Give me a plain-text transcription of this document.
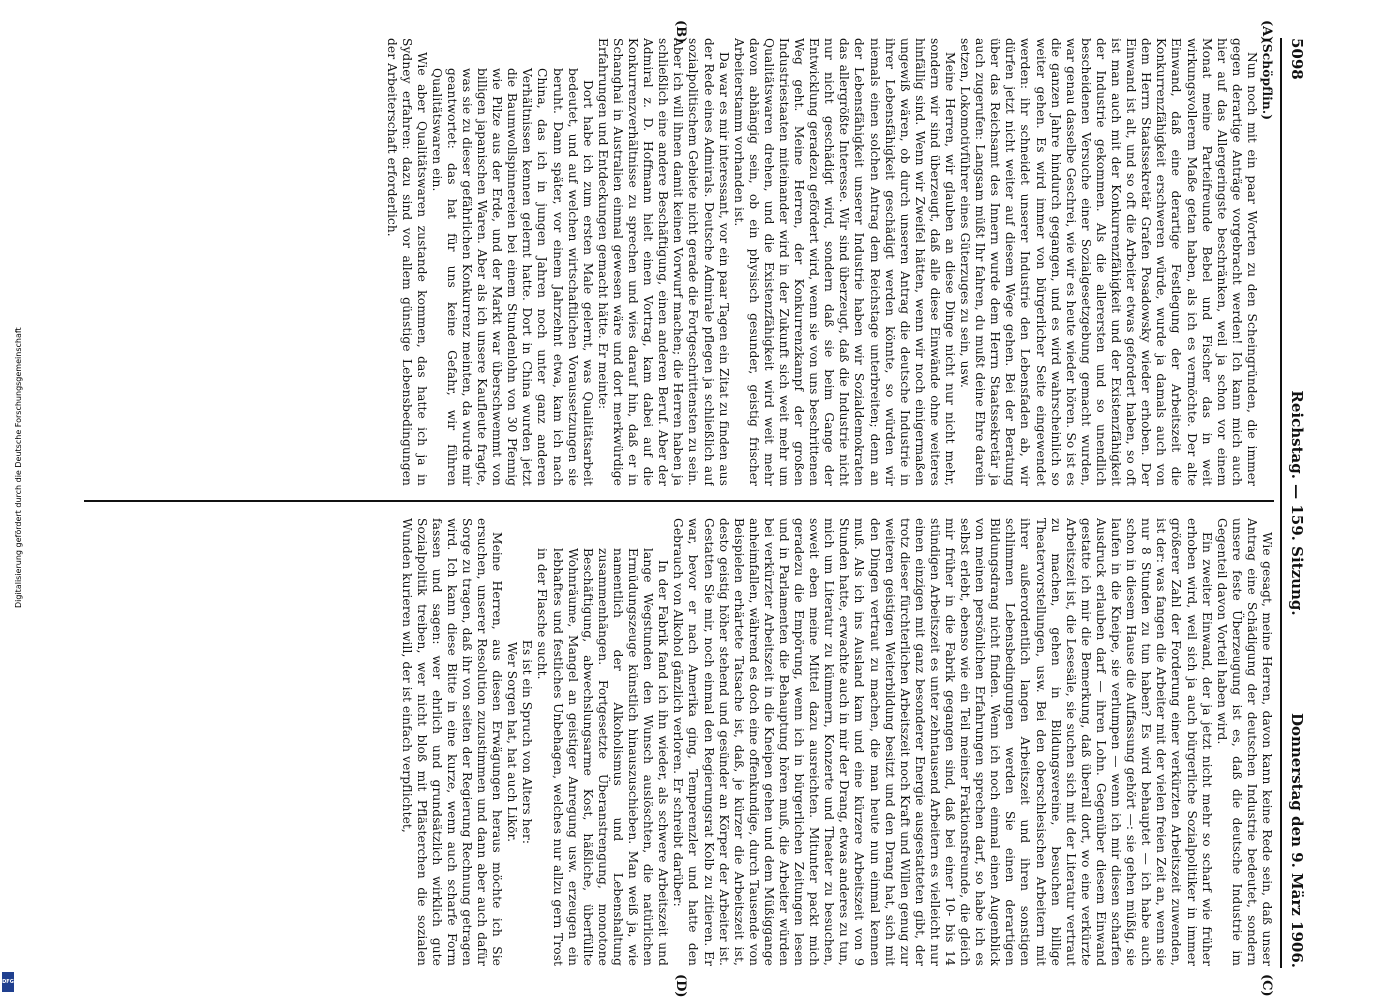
5098
Reichstag. — 159. Sitzung.
Donnerstag den 9. März 1906.
(A)
(B)
(C)
(D)

(Schöpflin.)

Nun noch mit ein paar Worten zu den Scheingründen, die immer gegen derartige Anträge vorgebracht werden! Ich kann mich auch hier auf das Allergeringste beschränken, weil ja schon vor einem Monat meine Parteifreunde Bebel und Fischer das in weit wirkungsvollerem Maße getan haben, als ich es vermöchte. Der alte Einwand, daß eine derartige Festlegung der Arbeitszeit die Konkurrenzfähigkeit erschweren würde, wurde ja damals auch von dem Herrn Staatssekretär Grafen Posadowsky wieder erhoben. Der Einwand ist alt, und so oft die Arbeiter etwas gefordert haben, so oft ist man auch mit der Konkurrenzfähigkeit und der Existenzfähigkeit der Industrie gekommen. Als die allerersten und so unendlich bescheidenen Versuche einer Sozialgesetzgebung gemacht wurden, war genau dasselbe Geschrei, wie wir es heute wieder hören. So ist es die ganzen Jahre hindurch gegangen, und es wird wahrscheinlich so weiter gehen. Es wird immer von bürgerlicher Seite eingewendet werden: ihr schneidet unserer Industrie den Lebensfaden ab, wir dürfen jetzt nicht weiter auf diesem Wege gehen. Bei der Beratung über das Reichsamt des Innern wurde dem Herrn Staatssekretär ja auch zugerufen: Langsam müßt Ihr fahren, du mußt deine Ehre darein setzen, Lokomotivführer eines Güterzuges zu sein, usw.

Meine Herren, wir glauben an diese Dinge nicht nur nicht mehr, sondern wir sind überzeugt, daß alle diese Einwände ohne weiteres hinfällig sind. Wenn wir Zweifel hätten, wenn wir noch einigermaßen ungewiß wären, ob durch unseren Antrag die deutsche Industrie in ihrer Lebensfähigkeit geschädigt werden könnte, so würden wir niemals einen solchen Antrag dem Reichstage unterbreiten; denn an der Lebensfähigkeit unserer Industrie haben wir Sozialdemokraten das allergrößte Interesse. Wir sind überzeugt, daß die Industrie nicht nur nicht geschädigt wird, sondern daß sie beim Gange der Entwicklung geradezu gefördert wird, wenn sie von uns beschrittenen Weg geht. Meine Herren, der Konkurrenzkampf der großen Industriestaaten miteinander wird in der Zukunft sich weit mehr um Qualitätswaren drehen, und die Existenzfähigkeit wird weit mehr davon abhängig sein, ob ein physisch gesunder, geistig frischer Arbeiterstamm vorhanden ist.

Da war es mir interessant, vor ein paar Tagen ein Zitat zu finden aus der Rede eines Admirals. Deutsche Admirale pflegen ja schließlich auf sozialpolitischem Gebiete nicht gerade die Fortgeschrittensten zu sein. Aber ich will ihnen damit keinen Vorwurf machen; die Herren haben ja schließlich eine andere Beschäftigung, einen anderen Beruf. Aber der Admiral z. D. Hoffmann hielt einen Vortrag, kam dabei auf die Konkurrenzverhältnisse zu sprechen und wies darauf hin, daß er in Schanghai in Australien einmal gewesen wäre und dort merkwürdige Erfahrungen und Entdeckungen gemacht hätte. Er meinte:

Dort habe ich zum ersten Male gelernt, was Qualitätsarbeit bedeutet, und auf welchen wirtschaftlichen Voraussetzungen sie beruht. Dann später, vor einem Jahrzehnt etwa, kam ich nach China, das ich in jungen Jahren noch unter ganz anderen Verhältnissen kennen gelernt hatte. Dort in China wurden jetzt die Baumwollspinnereien bei einem Stundenlohn von 30 Pfennig wie Pilze aus der Erde, und der Markt war überschwemmt von billigen japanischen Waren. Aber als ich unsere Kaufleute fragte, was sie zu dieser gefährlichen Konkurrenz meinten, da wurde mir geantwortet: das hat für uns keine Gefahr, wir führen Qualitätswaren ein.

Wie aber Qualitätswaren zustande kommen, das hatte ich ja in Sydney erfahren: dazu sind vor allem günstige Lebensbedingungen der Arbeiterschaft erforderlich.

Wie gesagt, meine Herren, davon kann keine Rede sein, daß unser Antrag eine Schädigung der deutschen Industrie bedeutet, sondern unsere feste Überzeugung ist es, daß die deutsche Industrie im Gegenteil davon Vorteil haben wird.

Ein zweiter Einwand, der ja jetzt nicht mehr so scharf wie früher erhoben wird, weil sich ja auch bürgerliche Sozialpolitiker in immer größerer Zahl der Forderung einer verkürzten Arbeitszeit zuwenden, ist der: was fangen die Arbeiter mit der vielen freien Zeit an, wenn sie nur 8 Stunden zu tun haben? Es wird behauptet — ich habe auch schon in diesem Hause die Auffassung gehört —: sie gehen müßig, sie laufen in die Kneipe, sie verlumpen — wenn ich mir diesen scharfen Ausdruck erlauben darf — ihren Lohn. Gegenüber diesem Einwand gestatte ich mir die Bemerkung, daß überall dort, wo eine verkürzte Arbeitszeit ist, die Lesesäle, sie suchen sich mit der Literatur vertraut zu machen, gehen in Bildungsvereine, besuchen billige Theatervorstellungen, usw. Bei den oberschlesischen Arbeitern mit ihrer außerordentlich langen Arbeitszeit und ihren sonstigen schlimmen Lebensbedingungen werden Sie einen derartigen Bildungsdrang nicht finden. Wenn ich noch einmal einen Augenblick von meinen persönlichen Erfahrungen sprechen darf, so habe ich es selbst erlebt, ebenso wie ein Teil meiner Fraktionsfreunde, die gleich mir früher in die Fabrik gegangen sind, daß bei einer 10- bis 14 stündigen Arbeitszeit es unter zehntausend Arbeitern es vielleicht nur einen einzigen mit ganz besonderer Energie ausgestatteten gibt, der trotz dieser fürchterlichen Arbeitszeit noch Kraft und Willen genug zur weiteren geistigen Weiterbildung besitzt und den Drang hat, sich mit den Dingen vertraut zu machen, die man heute nun einmal kennen muß. Als ich ins Ausland kam und eine kürzere Arbeitszeit von 9 Stunden hatte, erwachte auch in mir der Drang, etwas anderes zu tun, mich um Literatur zu kümmern, Konzerte und Theater zu besuchen, soweit eben meine Mittel dazu ausreichten. Mitunter packt mich geradezu die Empörung, wenn ich in bürgerlichen Zeitungen lesen und in Parlamenten die Behauptung hören muß, die Arbeiter würden bei verkürzter Arbeitszeit in die Kneipen gehen und dem Müßiggange anheimfallen, während es doch eine offenkundige, durch Tausende von Beispielen erhärtete Tatsache ist, daß, je kürzer die Arbeitszeit ist, desto geistig höher stehend und gesünder an Körper der Arbeiter ist. Gestatten Sie mir, noch einmal den Regierungsrat Kolb zu zitieren. Er war, bevor er nach Amerika ging, Temperenzler und hatte den Gebrauch von Alkohol gänzlich verloren. Er schreibt darüber:

In der Fabrik fand ich ihn wieder, als schwere Arbeitszeit und lange Wegstunden den Wunsch auslöschten, die natürlichen Ermüdungszeuge künstlich hinauszuschieben. Man weiß ja, wie namentlich der Alkoholismus und Lebenshaltung zusammenhängen. Fortgesetzte Überanstrengung, monotone Beschäftigung, abwechslungsarme Kost, häßliche, überfüllte Wohnräume, Mangel an geistiger Anregung usw. erzeugen ein lebhaftes und festliches Unbehagen, welches nur allzu gern Trost in der Flasche sucht.

Es ist ein Spruch von Alters her:

Wer Sorgen hat, hat auch Likör.

Meine Herren, aus diesen Erwägungen heraus möchte ich Sie ersuchen, unserer Resolution zuzustimmen und dann aber auch dafür Sorge zu tragen, daß ihr von seiten der Regierung Rechnung getragen wird. Ich kann diese Bitte in eine kurze, wenn auch scharfe Form fassen und sagen: wer ehrlich und grundsätzlich wirklich gute Sozialpolitik treiben, wer nicht bloß mit Pflästerchen die sozialen Wunden kurieren will, der ist einfach verpflichtet,

Digitalisierung gefördert durch die Deutsche Forschungsgemeinschaft
DFG
